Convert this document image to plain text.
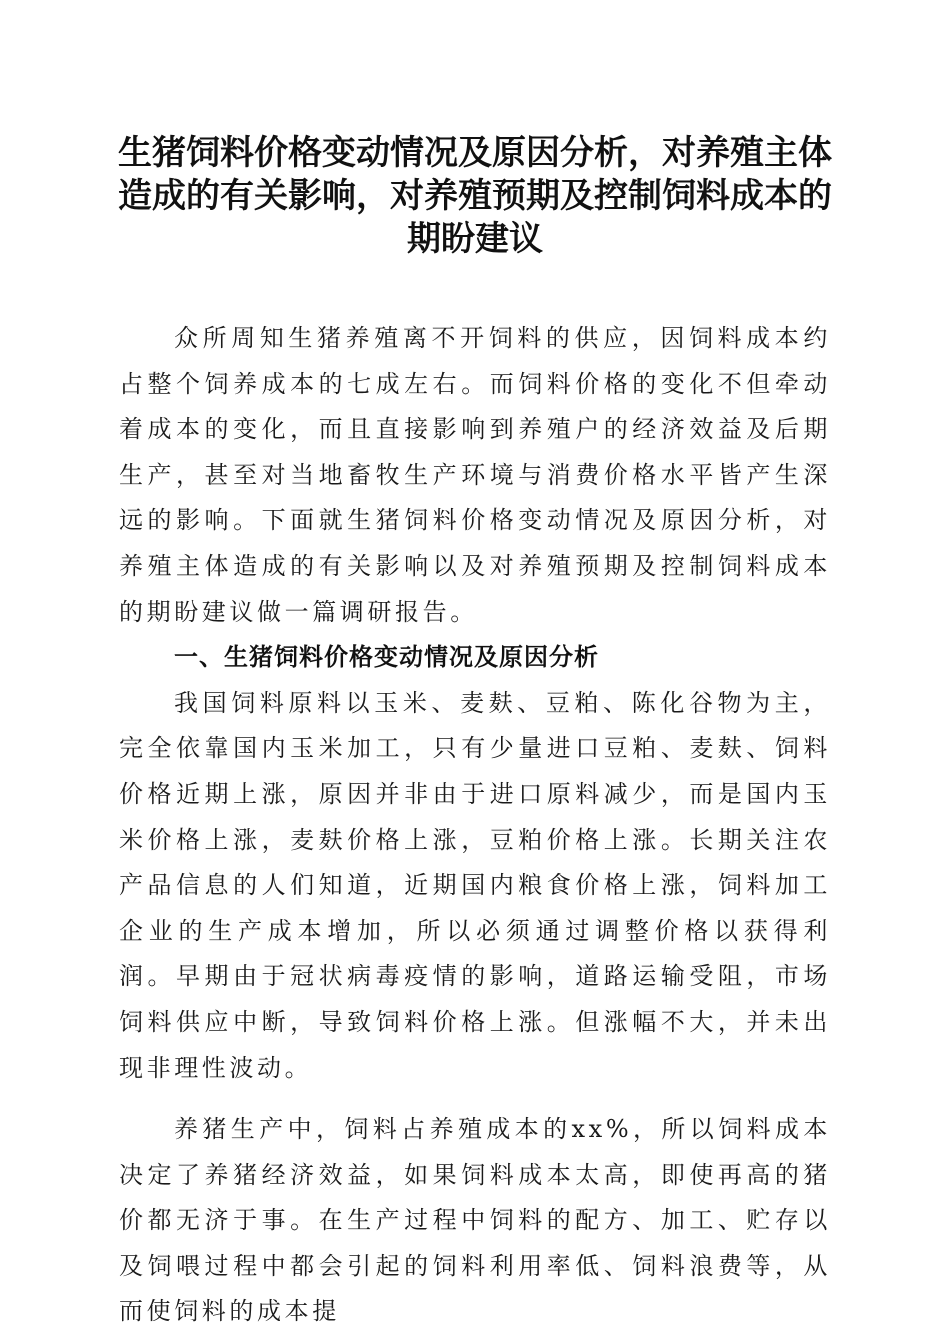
生猪饲料价格变动情况及原因分析，对养殖主体造成的有关影响，对养殖预期及控制饲料成本的期盼建议

众所周知生猪养殖离不开饲料的供应，因饲料成本约占整个饲养成本的七成左右。而饲料价格的变化不但牵动着成本的变化，而且直接影响到养殖户的经济效益及后期生产，甚至对当地畜牧生产环境与消费价格水平皆产生深远的影响。下面就生猪饲料价格变动情况及原因分析，对养殖主体造成的有关影响以及对养殖预期及控制饲料成本的期盼建议做一篇调研报告。

一、生猪饲料价格变动情况及原因分析

我国饲料原料以玉米、麦麸、豆粕、陈化谷物为主，完全依靠国内玉米加工，只有少量进口豆粕、麦麸、饲料价格近期上涨，原因并非由于进口原料减少，而是国内玉米价格上涨，麦麸价格上涨，豆粕价格上涨。长期关注农产品信息的人们知道，近期国内粮食价格上涨，饲料加工企业的生产成本增加，所以必须通过调整价格以获得利润。早期由于冠状病毒疫情的影响，道路运输受阻，市场饲料供应中断，导致饲料价格上涨。但涨幅不大，并未出现非理性波动。

养猪生产中，饲料占养殖成本的xx%，所以饲料成本决定了养猪经济效益，如果饲料成本太高，即使再高的猪价都无济于事。在生产过程中饲料的配方、加工、贮存以及饲喂过程中都会引起的饲料利用率低、饲料浪费等，从而使饲料的成本提
